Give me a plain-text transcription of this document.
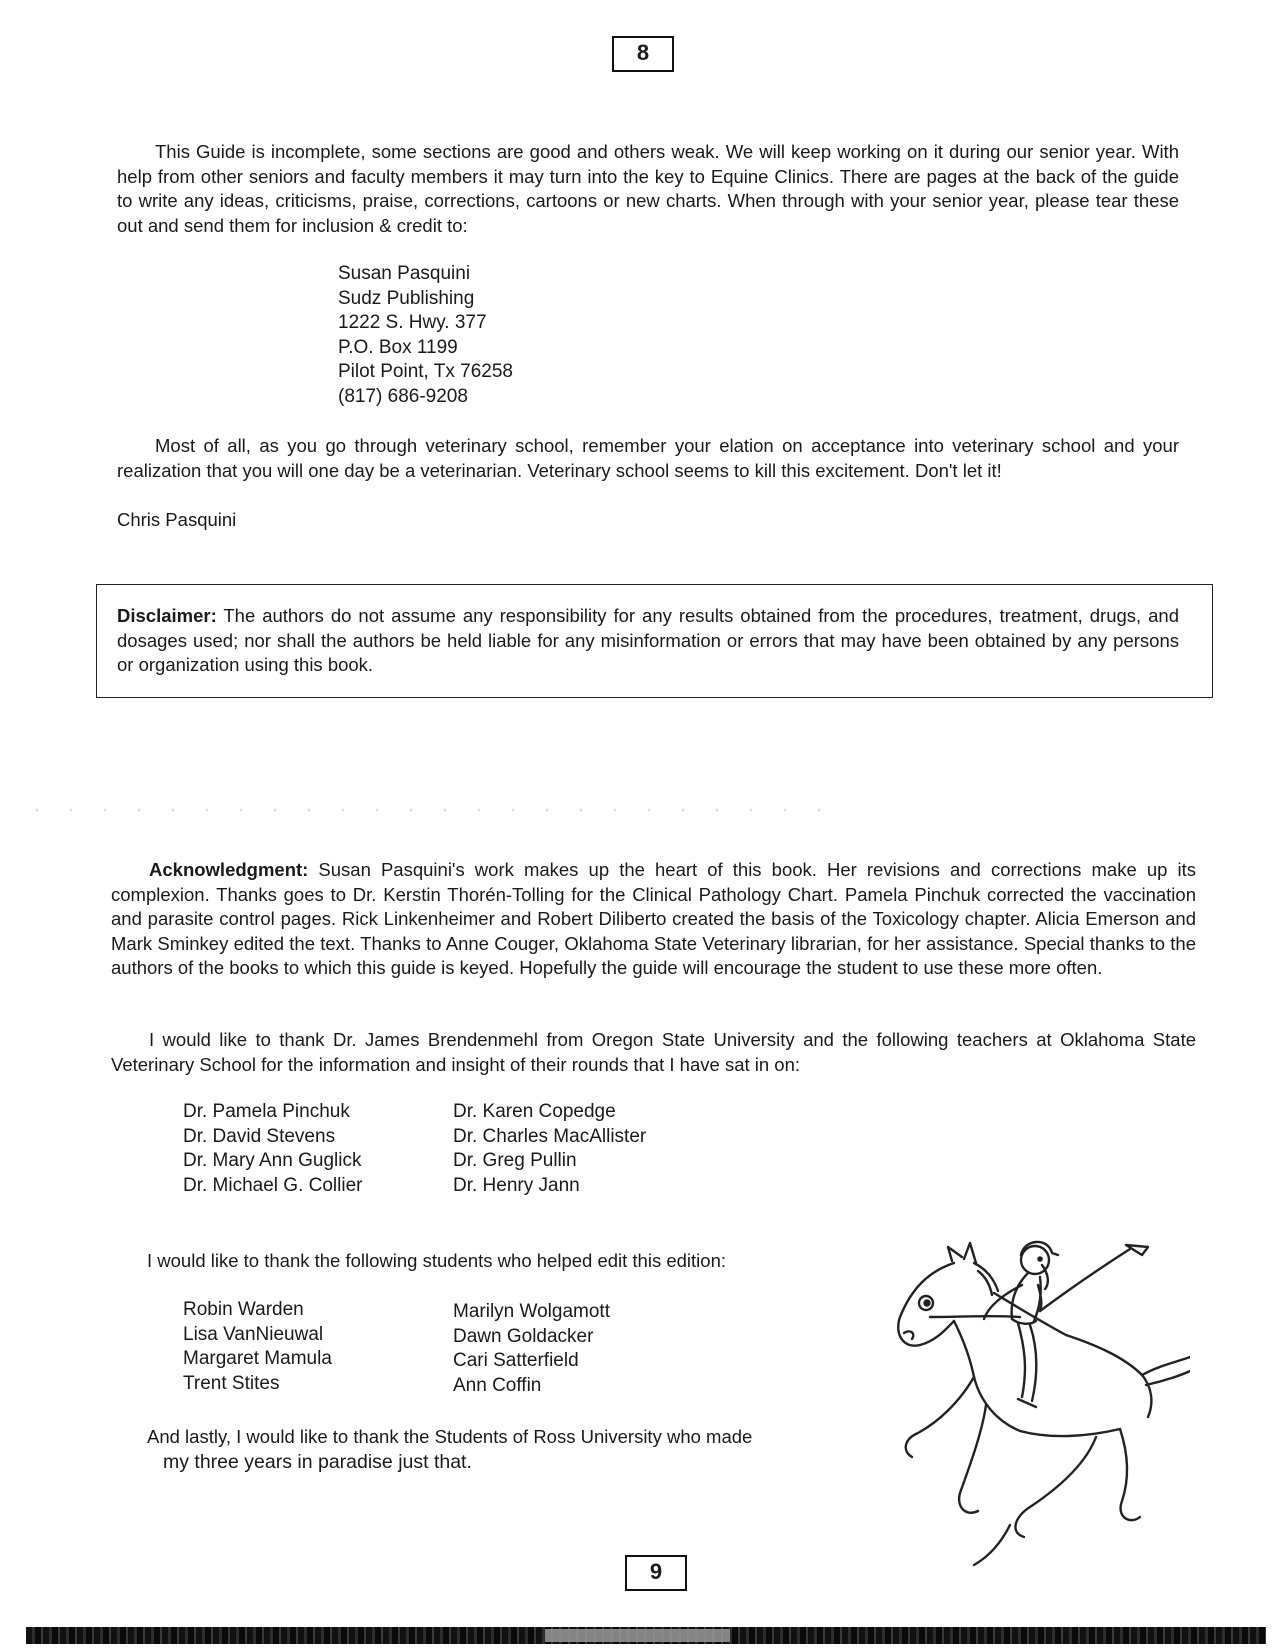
8

This Guide is incomplete, some sections are good and others weak. We will keep working on it during our senior year. With help from other seniors and faculty members it may turn into the key to Equine Clinics. There are pages at the back of the guide to write any ideas, criticisms, praise, corrections, cartoons or new charts. When through with your senior year, please tear these out and send them for inclusion & credit to:

Susan Pasquini
Sudz Publishing
1222 S. Hwy. 377
P.O. Box 1199
Pilot Point, Tx 76258
(817) 686-9208

Most of all, as you go through veterinary school, remember your elation on acceptance into veterinary school and your realization that you will one day be a veterinarian. Veterinary school seems to kill this excitement. Don't let it!

Chris Pasquini

Disclaimer: The authors do not assume any responsibility for any results obtained from the procedures, treatment, drugs, and dosages used; nor shall the authors be held liable for any misinformation or errors that may have been obtained by any persons or organization using this book.

Acknowledgment: Susan Pasquini's work makes up the heart of this book. Her revisions and corrections make up its complexion. Thanks goes to Dr. Kerstin Thorén-Tolling for the Clinical Pathology Chart. Pamela Pinchuk corrected the vaccination and parasite control pages. Rick Linkenheimer and Robert Diliberto created the basis of the Toxicology chapter. Alicia Emerson and Mark Sminkey edited the text. Thanks to Anne Couger, Oklahoma State Veterinary librarian, for her assistance. Special thanks to the authors of the books to which this guide is keyed. Hopefully the guide will encourage the student to use these more often.

I would like to thank Dr. James Brendenmehl from Oregon State University and the following teachers at Oklahoma State Veterinary School for the information and insight of their rounds that I have sat in on:

Dr. Pamela Pinchuk
Dr. David Stevens
Dr. Mary Ann Guglick
Dr. Michael G. Collier
Dr. Karen Copedge
Dr. Charles MacAllister
Dr. Greg Pullin
Dr. Henry Jann
I would like to thank the following students who helped edit this edition:
Robin Warden
Lisa VanNieuwal
Margaret Mamula
Trent Stites
Marilyn Wolgamott
Dawn Goldacker
Cari Satterfield
Ann Coffin
And lastly, I would like to thank the Students of Ross University who made
my three years in paradise just that.
9
